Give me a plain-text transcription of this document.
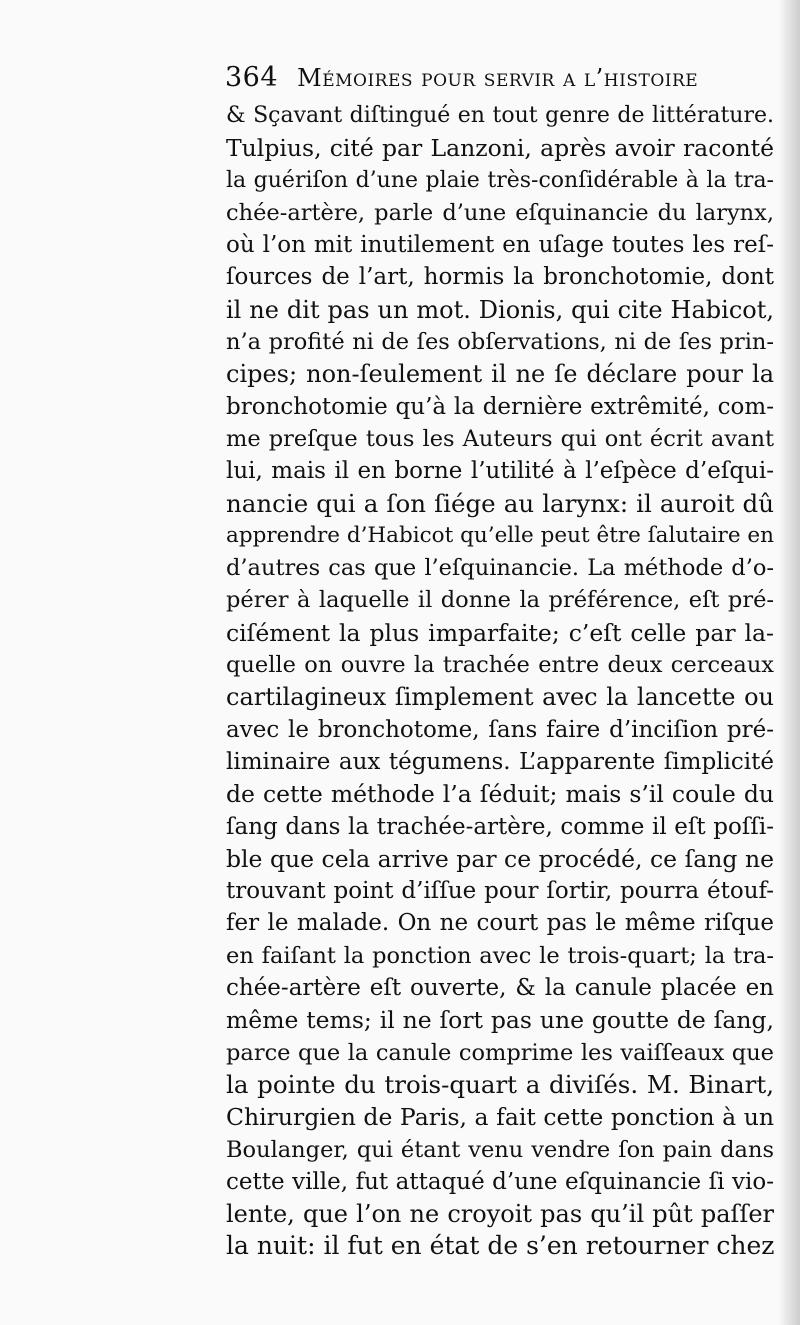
364 Mémoires pour servir a l’histoire
& Sçavant diſtingué en tout genre de littérature.
Tulpius, cité par Lanzoni, après avoir raconté
la guériſon d’une plaie très-conſidérable à la tra-
chée-artère, parle d’une eſquinancie du larynx,
où l’on mit inutilement en uſage toutes les reſ-
ſources de l’art, hormis la bronchotomie, dont
il ne dit pas un mot. Dionis, qui cite Habicot,
n’a profité ni de ſes obſervations, ni de ſes prin-
cipes; non-ſeulement il ne ſe déclare pour la
bronchotomie qu’à la dernière extrêmité, com-
me preſque tous les Auteurs qui ont écrit avant
lui, mais il en borne l’utilité à l’eſpèce d’eſqui-
nancie qui a ſon ſiége au larynx: il auroit dû
apprendre d’Habicot qu’elle peut être ſalutaire en
d’autres cas que l’eſquinancie. La méthode d’o-
pérer à laquelle il donne la préférence, eſt pré-
ciſément la plus imparfaite; c’eſt celle par la-
quelle on ouvre la trachée entre deux cerceaux
cartilagineux ſimplement avec la lancette ou
avec le bronchotome, ſans faire d’inciſion pré-
liminaire aux tégumens. L’apparente ſimplicité
de cette méthode l’a ſéduit; mais s’il coule du
ſang dans la trachée-artère, comme il eſt poſſi-
ble que cela arrive par ce procédé, ce ſang ne
trouvant point d’iſſue pour ſortir, pourra étouf-
fer le malade. On ne court pas le même riſque
en faiſant la ponction avec le trois-quart; la tra-
chée-artère eſt ouverte, & la canule placée en
même tems; il ne ſort pas une goutte de ſang,
parce que la canule comprime les vaiſſeaux que
la pointe du trois-quart a diviſés. M. Binart,
Chirurgien de Paris, a fait cette ponction à un
Boulanger, qui étant venu vendre ſon pain dans
cette ville, fut attaqué d’une eſquinancie ſi vio-
lente, que l’on ne croyoit pas qu’il pût paſſer
la nuit: il fut en état de s’en retourner chez
